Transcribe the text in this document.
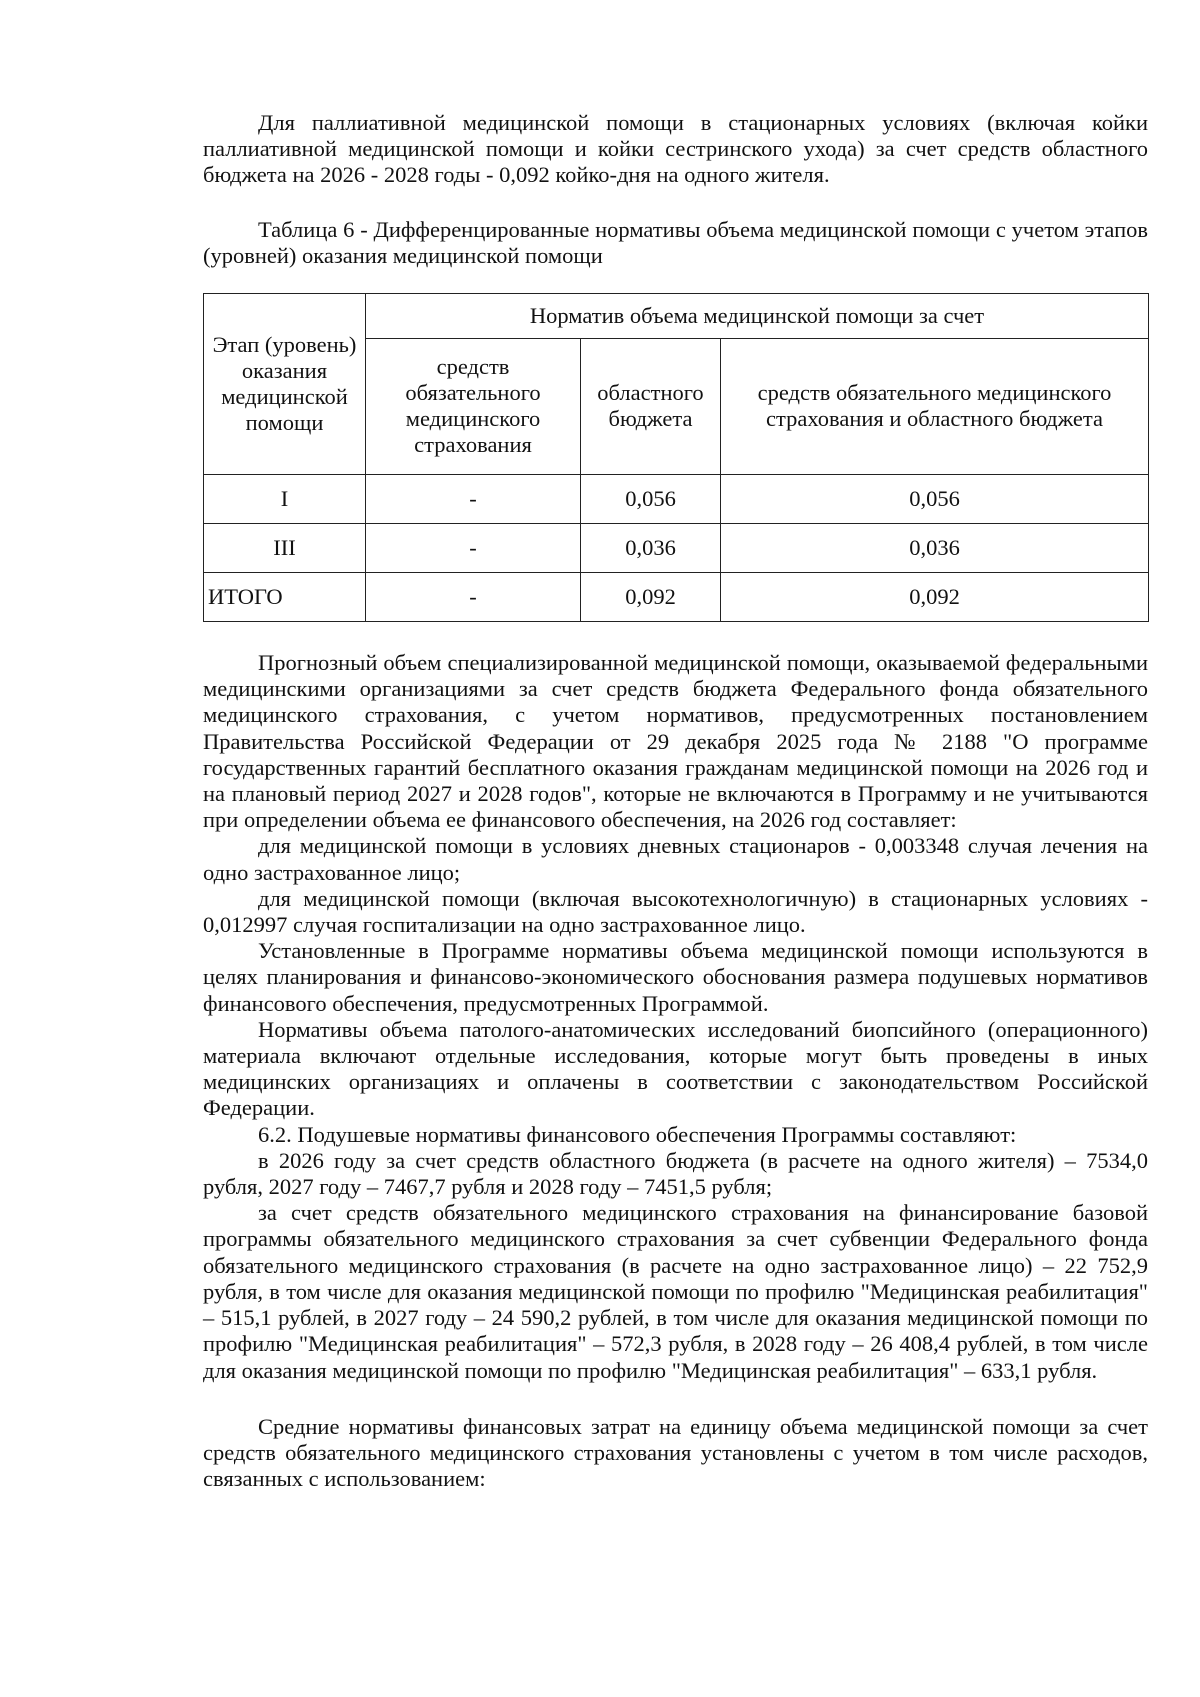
Для паллиативной медицинской помощи в стационарных условиях (включая койки паллиативной медицинской помощи и койки сестринского ухода) за счет средств областного бюджета на 2026 - 2028 годы - 0,092 койко-дня на одного жителя.

Таблица 6 - Дифференцированные нормативы объема медицинской помощи с учетом этапов (уровней) оказания медицинской помощи

Этап (уровень) оказания медицинской помощи	Норматив объема медицинской помощи за счет		
	средств обязательного медицинского страхования	областного бюджета	средств обязательного медицинского страхования и областного бюджета
I	-	0,056	0,056
III	-	0,036	0,036
ИТОГО	-	0,092	0,092

Прогнозный объем специализированной медицинской помощи, оказываемой федеральными медицинскими организациями за счет средств бюджета Федерального фонда обязательного медицинского страхования, с учетом нормативов, предусмотренных постановлением Правительства Российской Федерации от 29 декабря 2025 года № 2188 "О программе государственных гарантий бесплатного оказания гражданам медицинской помощи на 2026 год и на плановый период 2027 и 2028 годов", которые не включаются в Программу и не учитываются при определении объема ее финансового обеспечения, на 2026 год составляет:

для медицинской помощи в условиях дневных стационаров - 0,003348 случая лечения на одно застрахованное лицо;

для медицинской помощи (включая высокотехнологичную) в стационарных условиях - 0,012997 случая госпитализации на одно застрахованное лицо.

Установленные в Программе нормативы объема медицинской помощи используются в целях планирования и финансово-экономического обоснования размера подушевых нормативов финансового обеспечения, предусмотренных Программой.

Нормативы объема патолого-анатомических исследований биопсийного (операционного) материала включают отдельные исследования, которые могут быть проведены в иных медицинских организациях и оплачены в соответствии с законодательством Российской Федерации.

6.2. Подушевые нормативы финансового обеспечения Программы составляют:

в 2026 году за счет средств областного бюджета (в расчете на одного жителя) – 7534,0 рубля, 2027 году – 7467,7 рубля и 2028 году – 7451,5 рубля;

за счет средств обязательного медицинского страхования на финансирование базовой программы обязательного медицинского страхования за счет субвенции Федерального фонда обязательного медицинского страхования (в расчете на одно застрахованное лицо) – 22 752,9 рубля, в том числе для оказания медицинской помощи по профилю "Медицинская реабилитация" – 515,1 рублей, в 2027 году – 24 590,2 рублей, в том числе для оказания медицинской помощи по профилю "Медицинская реабилитация" – 572,3 рубля, в 2028 году – 26 408,4 рублей, в том числе для оказания медицинской помощи по профилю "Медицинская реабилитация" – 633,1 рубля.

Средние нормативы финансовых затрат на единицу объема медицинской помощи за счет средств обязательного медицинского страхования установлены с учетом в том числе расходов, связанных с использованием:
